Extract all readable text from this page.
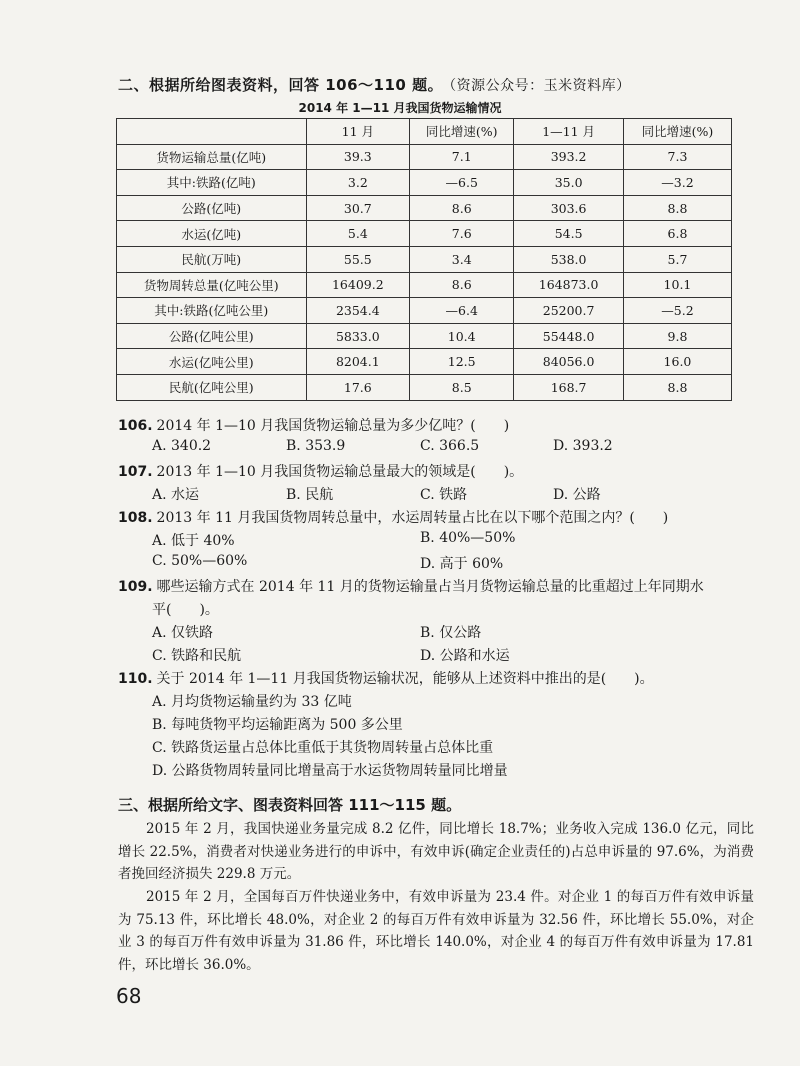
二、根据所给图表资料，回答 106～110 题。 （资源公众号：玉米资料库）
2014 年 1—11 月我国货物运输情况
	11 月	同比增速(%)	1—11 月	同比增速(%)
货物运输总量(亿吨)	39.3	7.1	393.2	7.3
其中:铁路(亿吨)	3.2	—6.5	35.0	—3.2
公路(亿吨)	30.7	8.6	303.6	8.8
水运(亿吨)	5.4	7.6	54.5	6.8
民航(万吨)	55.5	3.4	538.0	5.7
货物周转总量(亿吨公里)	16409.2	8.6	164873.0	10.1
其中:铁路(亿吨公里)	2354.4	—6.4	25200.7	—5.2
公路(亿吨公里)	5833.0	10.4	55448.0	9.8
水运(亿吨公里)	8204.1	12.5	84056.0	16.0
民航(亿吨公里)	17.6	8.5	168.7	8.8
106. 2014 年 1—10 月我国货物运输总量为多少亿吨？(　　)
A. 340.2	B. 353.9	C. 366.5	D. 393.2
107. 2013 年 1—10 月我国货物运输总量最大的领域是(　　)。
A. 水运	B. 民航	C. 铁路	D. 公路
108. 2013 年 11 月我国货物周转总量中，水运周转量占比在以下哪个范围之内？(　　)
A. 低于 40%	B. 40%—50%
C. 50%—60%	D. 高于 60%
109. 哪些运输方式在 2014 年 11 月的货物运输量占当月货物运输总量的比重超过上年同期水
平(　　)。
A. 仅铁路	B. 仅公路
C. 铁路和民航	D. 公路和水运
110. 关于 2014 年 1—11 月我国货物运输状况，能够从上述资料中推出的是(　　)。
A. 月均货物运输量约为 33 亿吨
B. 每吨货物平均运输距离为 500 多公里
C. 铁路货运量占总体比重低于其货物周转量占总体比重
D. 公路货物周转量同比增量高于水运货物周转量同比增量
三、根据所给文字、图表资料回答 111～115 题。
2015 年 2 月，我国快递业务量完成 8.2 亿件，同比增长 18.7%；业务收入完成 136.0 亿元，同比增长 22.5%，消费者对快递业务进行的申诉中，有效申诉(确定企业责任的)占总申诉量的 97.6%，为消费者挽回经济损失 229.8 万元。
2015 年 2 月，全国每百万件快递业务中，有效申诉量为 23.4 件。对企业 1 的每百万件有效申诉量为 75.13 件，环比增长 48.0%，对企业 2 的每百万件有效申诉量为 32.56 件，环比增长 55.0%，对企业 3 的每百万件有效申诉量为 31.86 件，环比增长 140.0%，对企业 4 的每百万件有效申诉量为 17.81 件，环比增长 36.0%。
68
